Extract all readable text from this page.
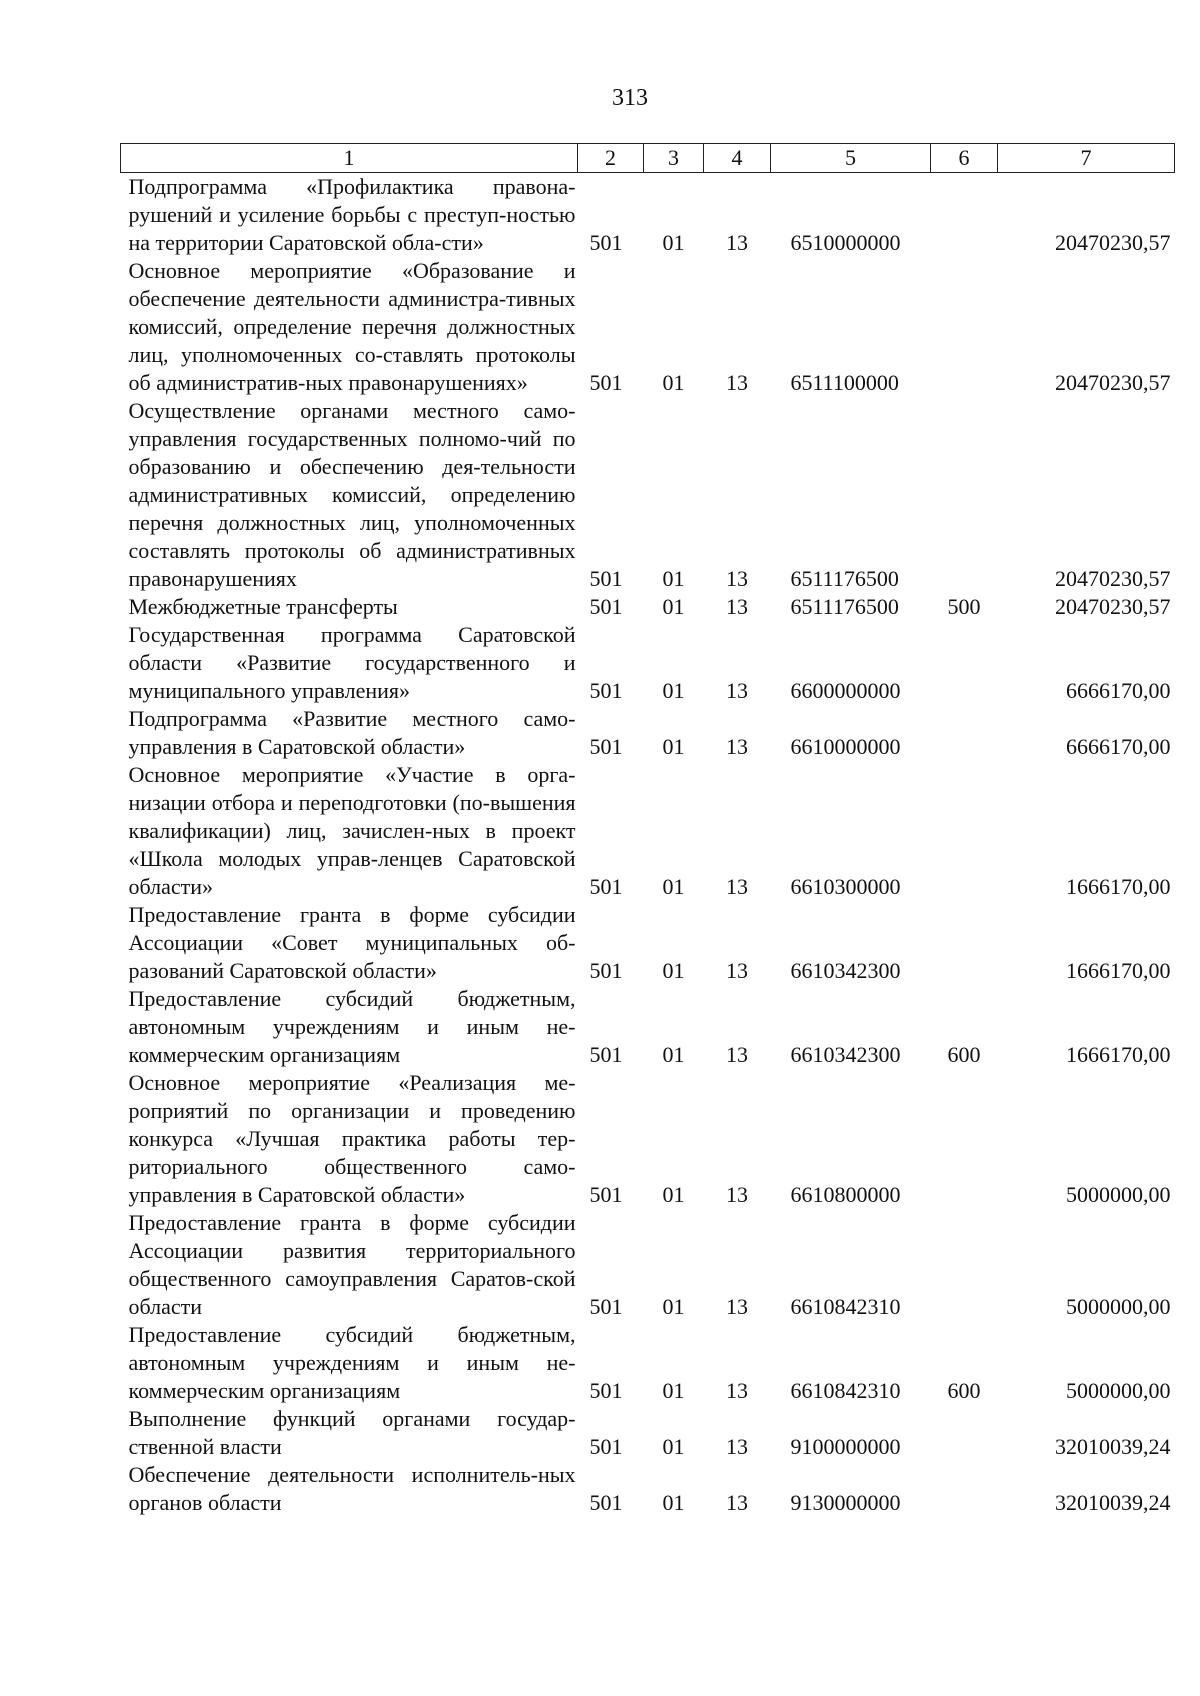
313
1	2	3	4	5	6	7
Подпрограмма «Профилактика правона-рушений и усиление борьбы с преступ-ностью на территории Саратовской обла-сти»	501	01	13	6510000000		20470230,57
Основное мероприятие «Образование и обеспечение деятельности администра-тивных комиссий, определение перечня должностных лиц, уполномоченных со-ставлять протоколы об административ-ных правонарушениях»	501	01	13	6511100000		20470230,57
Осуществление органами местного само-управления государственных полномо-чий по образованию и обеспечению дея-тельности административных комиссий, определению перечня должностных лиц, уполномоченных составлять протоколы об административных правонарушениях	501	01	13	6511176500		20470230,57
Межбюджетные трансферты	501	01	13	6511176500	500	20470230,57
Государственная программа Саратовской области «Развитие государственного и муниципального управления»	501	01	13	6600000000		6666170,00
Подпрограмма «Развитие местного само-управления в Саратовской области»	501	01	13	6610000000		6666170,00
Основное мероприятие «Участие в орга-низации отбора и переподготовки (по-вышения квалификации) лиц, зачислен-ных в проект «Школа молодых управ-ленцев Саратовской области»	501	01	13	6610300000		1666170,00
Предоставление гранта в форме субсидии Ассоциации «Совет муниципальных об-разований Саратовской области»	501	01	13	6610342300		1666170,00
Предоставление субсидий бюджетным, автономным учреждениям и иным не-коммерческим организациям	501	01	13	6610342300	600	1666170,00
Основное мероприятие «Реализация ме-роприятий по организации и проведению конкурса «Лучшая практика работы тер-риториального общественного само-управления в Саратовской области»	501	01	13	6610800000		5000000,00
Предоставление гранта в форме субсидии Ассоциации развития территориального общественного самоуправления Саратов-ской области	501	01	13	6610842310		5000000,00
Предоставление субсидий бюджетным, автономным учреждениям и иным не-коммерческим организациям	501	01	13	6610842310	600	5000000,00
Выполнение функций органами государ-ственной власти	501	01	13	9100000000		32010039,24
Обеспечение деятельности исполнитель-ных органов области	501	01	13	9130000000		32010039,24
